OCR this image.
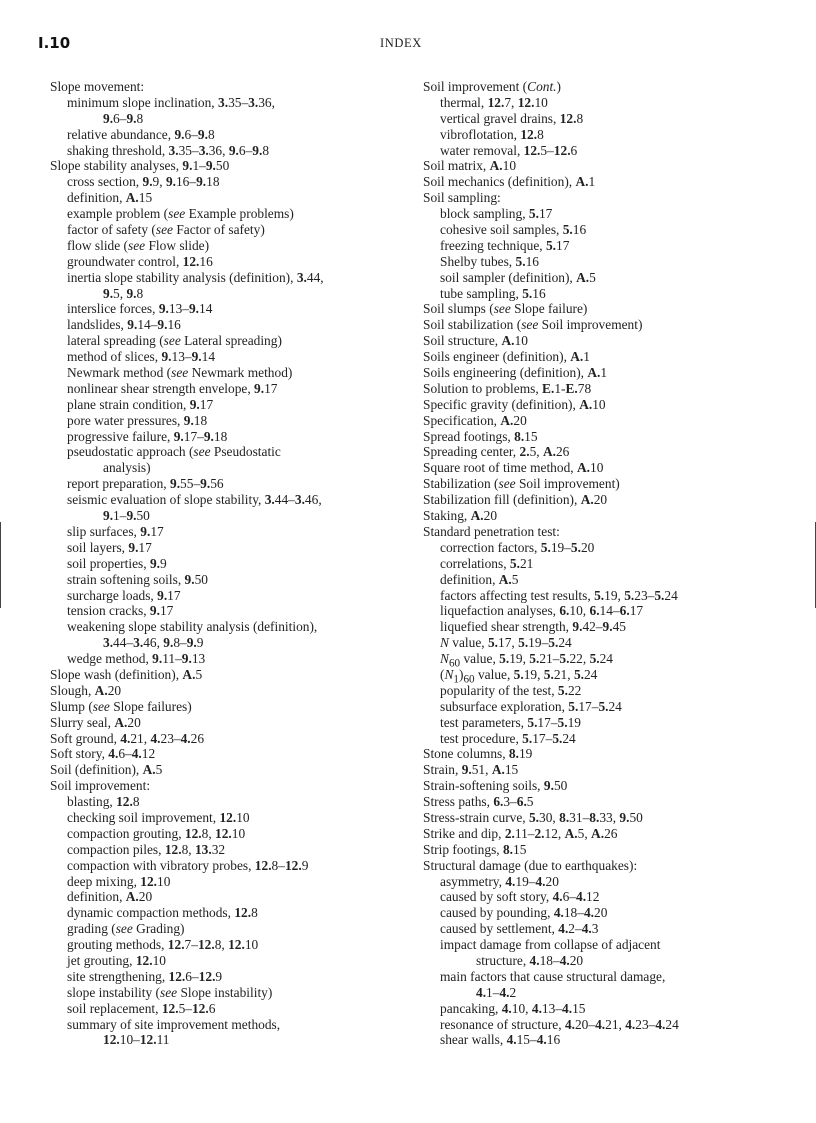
I.10	INDEX
Slope movement:
minimum slope inclination, 3.35–3.36,
9.6–9.8
relative abundance, 9.6–9.8
shaking threshold, 3.35–3.36, 9.6–9.8
Slope stability analyses, 9.1–9.50
cross section, 9.9, 9.16–9.18
definition, A.15
example problem (see Example problems)
factor of safety (see Factor of safety)
flow slide (see Flow slide)
groundwater control, 12.16
inertia slope stability analysis (definition), 3.44,
9.5, 9.8
interslice forces, 9.13–9.14
landslides, 9.14–9.16
lateral spreading (see Lateral spreading)
method of slices, 9.13–9.14
Newmark method (see Newmark method)
nonlinear shear strength envelope, 9.17
plane strain condition, 9.17
pore water pressures, 9.18
progressive failure, 9.17–9.18
pseudostatic approach (see Pseudostatic
analysis)
report preparation, 9.55–9.56
seismic evaluation of slope stability, 3.44–3.46,
9.1–9.50
slip surfaces, 9.17
soil layers, 9.17
soil properties, 9.9
strain softening soils, 9.50
surcharge loads, 9.17
tension cracks, 9.17
weakening slope stability analysis (definition),
3.44–3.46, 9.8–9.9
wedge method, 9.11–9.13
Slope wash (definition), A.5
Slough, A.20
Slump (see Slope failures)
Slurry seal, A.20
Soft ground, 4.21, 4.23–4.26
Soft story, 4.6–4.12
Soil (definition), A.5
Soil improvement:
blasting, 12.8
checking soil improvement, 12.10
compaction grouting, 12.8, 12.10
compaction piles, 12.8, 13.32
compaction with vibratory probes, 12.8–12.9
deep mixing, 12.10
definition, A.20
dynamic compaction methods, 12.8
grading (see Grading)
grouting methods, 12.7–12.8, 12.10
jet grouting, 12.10
site strengthening, 12.6–12.9
slope instability (see Slope instability)
soil replacement, 12.5–12.6
summary of site improvement methods,
12.10–12.11
Soil improvement (Cont.)
thermal, 12.7, 12.10
vertical gravel drains, 12.8
vibroflotation, 12.8
water removal, 12.5–12.6
Soil matrix, A.10
Soil mechanics (definition), A.1
Soil sampling:
block sampling, 5.17
cohesive soil samples, 5.16
freezing technique, 5.17
Shelby tubes, 5.16
soil sampler (definition), A.5
tube sampling, 5.16
Soil slumps (see Slope failure)
Soil stabilization (see Soil improvement)
Soil structure, A.10
Soils engineer (definition), A.1
Soils engineering (definition), A.1
Solution to problems, E.1-E.78
Specific gravity (definition), A.10
Specification, A.20
Spread footings, 8.15
Spreading center, 2.5, A.26
Square root of time method, A.10
Stabilization (see Soil improvement)
Stabilization fill (definition), A.20
Staking, A.20
Standard penetration test:
correction factors, 5.19–5.20
correlations, 5.21
definition, A.5
factors affecting test results, 5.19, 5.23–5.24
liquefaction analyses, 6.10, 6.14–6.17
liquefied shear strength, 9.42–9.45
N value, 5.17, 5.19–5.24
$N_{60}$ value, 5.19, 5.21–5.22, 5.24
$(N_1)_{60}$ value, 5.19, 5.21, 5.24
popularity of the test, 5.22
subsurface exploration, 5.17–5.24
test parameters, 5.17–5.19
test procedure, 5.17–5.24
Stone columns, 8.19
Strain, 9.51, A.15
Strain-softening soils, 9.50
Stress paths, 6.3–6.5
Stress-strain curve, 5.30, 8.31–8.33, 9.50
Strike and dip, 2.11–2.12, A.5, A.26
Strip footings, 8.15
Structural damage (due to earthquakes):
asymmetry, 4.19–4.20
caused by soft story, 4.6–4.12
caused by pounding, 4.18–4.20
caused by settlement, 4.2–4.3
impact damage from collapse of adjacent
structure, 4.18–4.20
main factors that cause structural damage,
4.1–4.2
pancaking, 4.10, 4.13–4.15
resonance of structure, 4.20–4.21, 4.23–4.24
shear walls, 4.15–4.16
